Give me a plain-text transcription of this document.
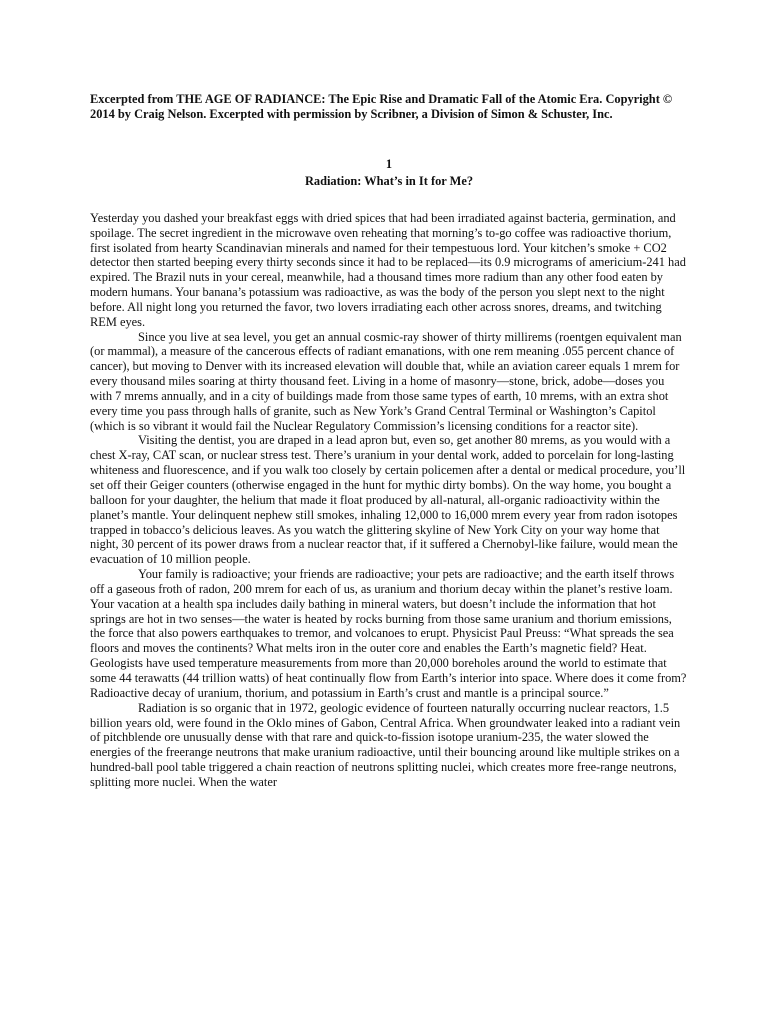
Excerpted from THE AGE OF RADIANCE: The Epic Rise and Dramatic Fall of the Atomic Era. Copyright © 2014 by Craig Nelson. Excerpted with permission by Scribner, a Division of Simon & Schuster, Inc.

1

Radiation: What’s in It for Me?

Yesterday you dashed your breakfast eggs with dried spices that had been irradiated against bacteria, germination, and spoilage. The secret ingredient in the microwave oven reheating that morning’s to-go coffee was radioactive thorium, first isolated from hearty Scandinavian minerals and named for their tempestuous lord. Your kitchen’s smoke + CO2 detector then started beeping every thirty seconds since it had to be replaced—its 0.9 micrograms of americium-241 had expired. The Brazil nuts in your cereal, meanwhile, had a thousand times more radium than any other food eaten by modern humans. Your banana’s potassium was radioactive, as was the body of the person you slept next to the night before. All night long you returned the favor, two lovers irradiating each other across snores, dreams, and twitching REM eyes.

Since you live at sea level, you get an annual cosmic-ray shower of thirty millirems (roentgen equivalent man (or mammal), a measure of the cancerous effects of radiant emanations, with one rem meaning .055 percent chance of cancer), but moving to Denver with its increased elevation will double that, while an aviation career equals 1 mrem for every thousand miles soaring at thirty thousand feet. Living in a home of masonry—stone, brick, adobe—doses you with 7 mrems annually, and in a city of buildings made from those same types of earth, 10 mrems, with an extra shot every time you pass through halls of granite, such as New York’s Grand Central Terminal or Washington’s Capitol (which is so vibrant it would fail the Nuclear Regulatory Commission’s licensing conditions for a reactor site).

Visiting the dentist, you are draped in a lead apron but, even so, get another 80 mrems, as you would with a chest X-ray, CAT scan, or nuclear stress test. There’s uranium in your dental work, added to porcelain for long-lasting whiteness and fluorescence, and if you walk too closely by certain policemen after a dental or medical procedure, you’ll set off their Geiger counters (otherwise engaged in the hunt for mythic dirty bombs). On the way home, you bought a balloon for your daughter, the helium that made it float produced by all-natural, all-organic radioactivity within the planet’s mantle. Your delinquent nephew still smokes, inhaling 12,000 to 16,000 mrem every year from radon isotopes trapped in tobacco’s delicious leaves. As you watch the glittering skyline of New York City on your way home that night, 30 percent of its power draws from a nuclear reactor that, if it suffered a Chernobyl-like failure, would mean the evacuation of 10 million people.

Your family is radioactive; your friends are radioactive; your pets are radioactive; and the earth itself throws off a gaseous froth of radon, 200 mrem for each of us, as uranium and thorium decay within the planet’s restive loam. Your vacation at a health spa includes daily bathing in mineral waters, but doesn’t include the information that hot springs are hot in two senses—the water is heated by rocks burning from those same uranium and thorium emissions, the force that also powers earthquakes to tremor, and volcanoes to erupt. Physicist Paul Preuss: “What spreads the sea floors and moves the continents? What melts iron in the outer core and enables the Earth’s magnetic field? Heat. Geologists have used temperature measurements from more than 20,000 boreholes around the world to estimate that some 44 terawatts (44 trillion watts) of heat continually flow from Earth’s interior into space. Where does it come from? Radioactive decay of uranium, thorium, and potassium in Earth’s crust and mantle is a principal source.”

Radiation is so organic that in 1972, geologic evidence of fourteen naturally occurring nuclear reactors, 1.5 billion years old, were found in the Oklo mines of Gabon, Central Africa. When groundwater leaked into a radiant vein of pitchblende ore unusually dense with that rare and quick-to-fission isotope uranium-235, the water slowed the energies of the freerange neutrons that make uranium radioactive, until their bouncing around like multiple strikes on a hundred-ball pool table triggered a chain reaction of neutrons splitting nuclei, which creates more free-range neutrons, splitting more nuclei. When the water
